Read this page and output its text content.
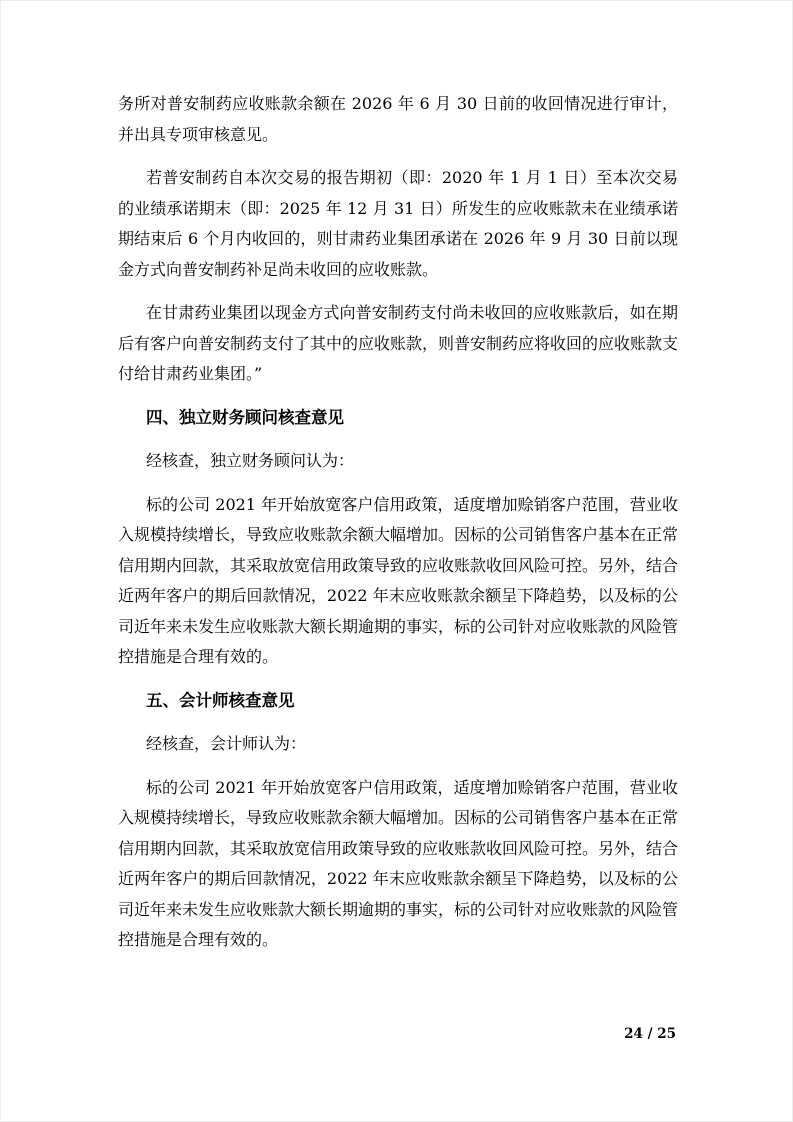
务所对普安制药应收账款余额在 2026 年 6 月 30 日前的收回情况进行审计，并出具专项审核意见。

若普安制药自本次交易的报告期初（即：2020 年 1 月 1 日）至本次交易的业绩承诺期末（即：2025 年 12 月 31 日）所发生的应收账款未在业绩承诺期结束后 6 个月内收回的，则甘肃药业集团承诺在 2026 年 9 月 30 日前以现金方式向普安制药补足尚未收回的应收账款。

在甘肃药业集团以现金方式向普安制药支付尚未收回的应收账款后，如在期后有客户向普安制药支付了其中的应收账款，则普安制药应将收回的应收账款支付给甘肃药业集团。”

四、独立财务顾问核查意见

经核查，独立财务顾问认为：

标的公司 2021 年开始放宽客户信用政策，适度增加赊销客户范围，营业收入规模持续增长，导致应收账款余额大幅增加。因标的公司销售客户基本在正常信用期内回款，其采取放宽信用政策导致的应收账款收回风险可控。另外，结合近两年客户的期后回款情况，2022 年末应收账款余额呈下降趋势，以及标的公司近年来未发生应收账款大额长期逾期的事实，标的公司针对应收账款的风险管控措施是合理有效的。

五、会计师核查意见

经核查，会计师认为：

标的公司 2021 年开始放宽客户信用政策，适度增加赊销客户范围，营业收入规模持续增长，导致应收账款余额大幅增加。因标的公司销售客户基本在正常信用期内回款，其采取放宽信用政策导致的应收账款收回风险可控。另外，结合近两年客户的期后回款情况，2022 年末应收账款余额呈下降趋势，以及标的公司近年来未发生应收账款大额长期逾期的事实，标的公司针对应收账款的风险管控措施是合理有效的。

24 / 25
